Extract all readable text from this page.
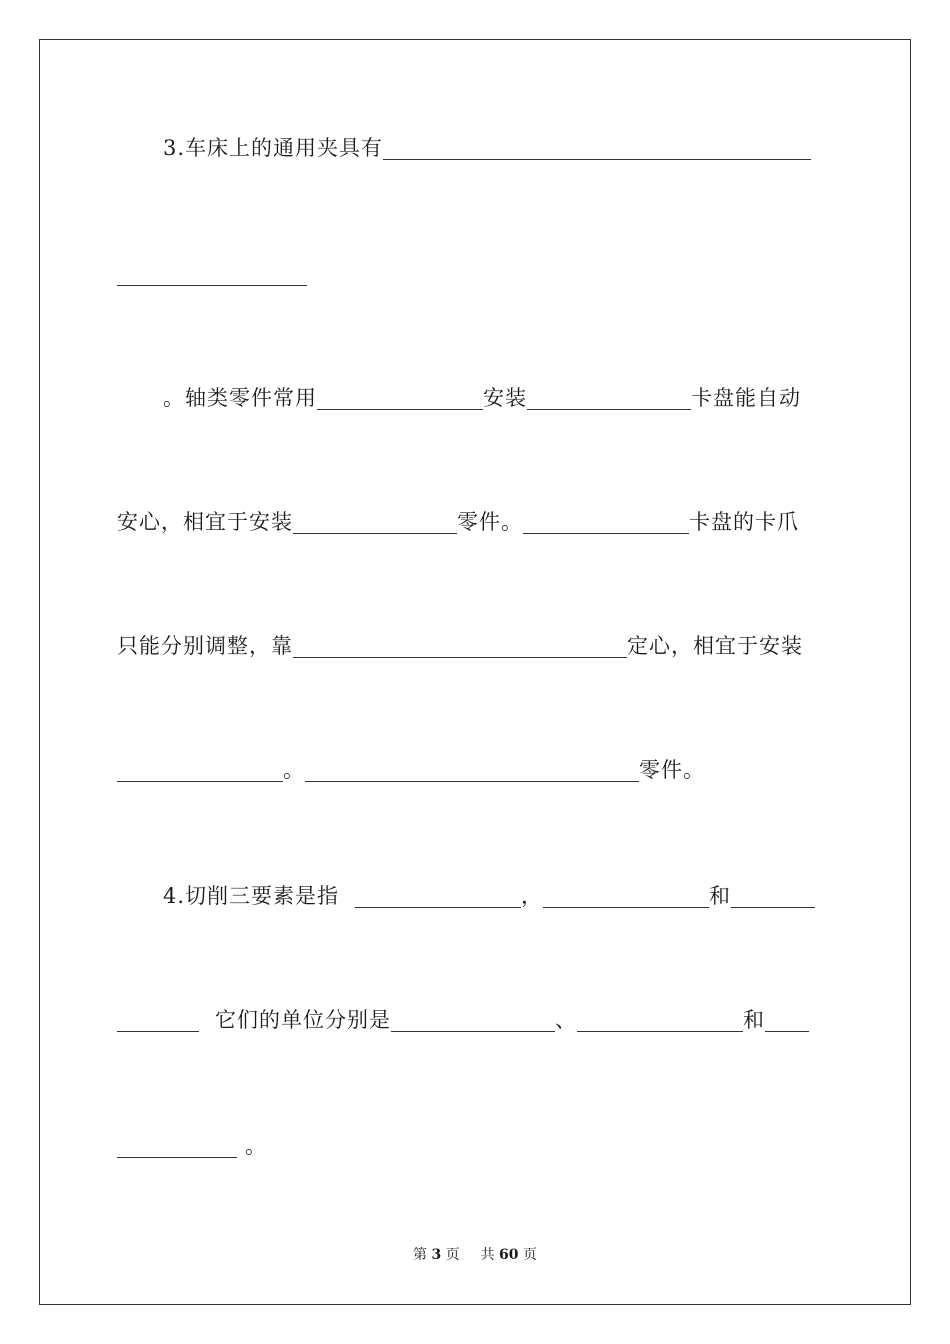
3.车床上的通用夹具有
。轴类零件常用	安装	卡盘能自动
安心，相宜于安装	零件。	卡盘的卡爪
只能分别调整，靠	定心，相宜于安装
。	零件。
4.切削三要素是指	，	和
它们的单位分别是	、	和
。
第 3 页 共 60 页
